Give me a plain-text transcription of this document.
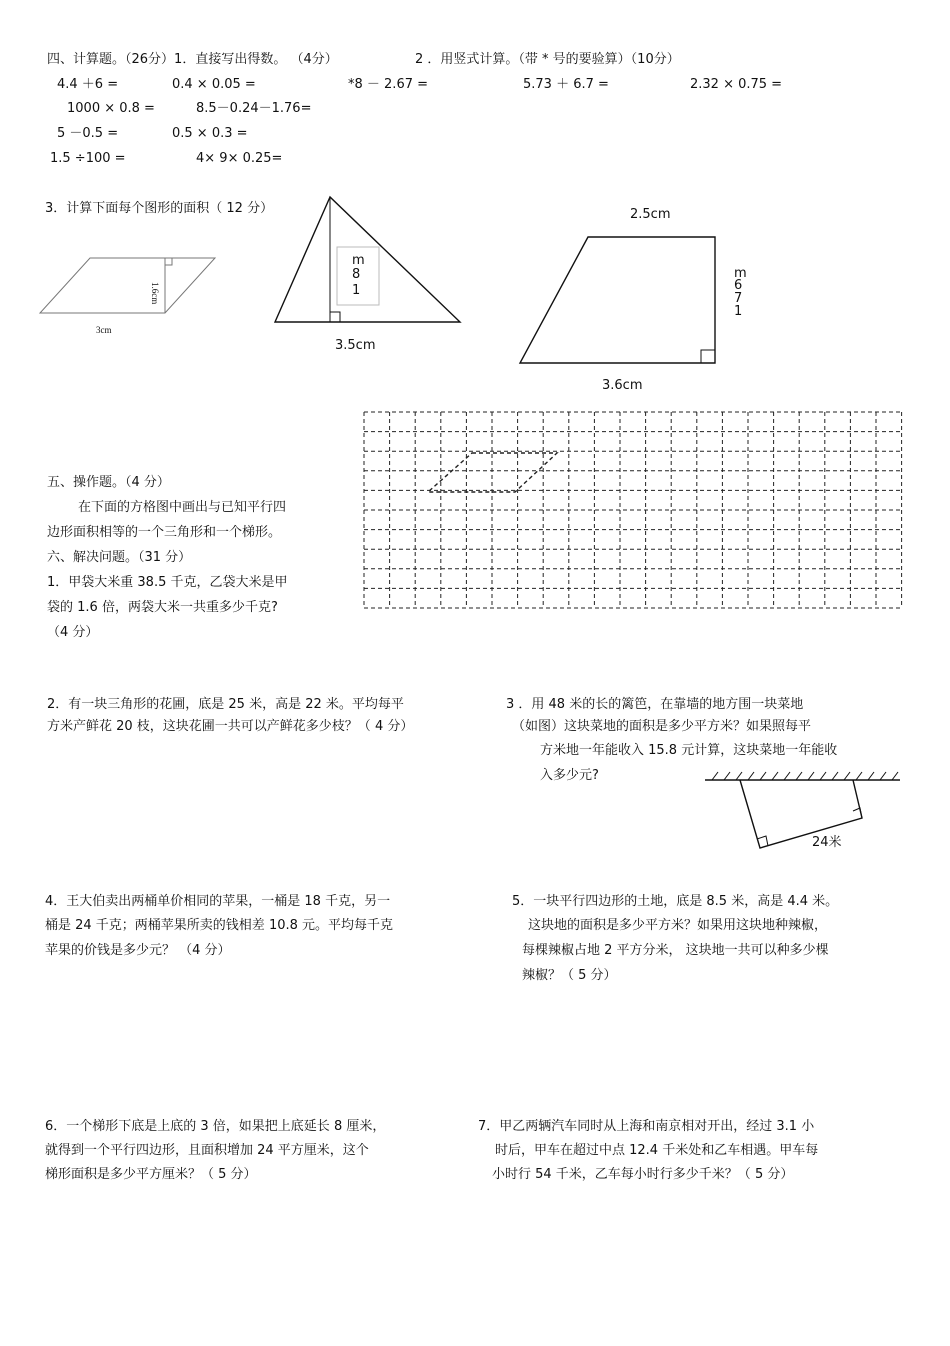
四、计算题。（26分）1．直接写出得数。 （4分）	2 ．用竖式计算。（带 * 号的要验算）（10分）
4.4 ＋6 =	0.4 × 0.05 =	*8 － 2.67 =	5.73 ＋ 6.7 =	2.32 × 0.75 =
1000 × 0.8 =	8.5－0.24－1.76=
5 －0.5 =	0.5 × 0.3 =
1.5 ÷100 =	4× 9× 0.25=
3．计算下面每个图形的面积（ 12 分）
3cm
1.6cm
m
8
1
3.5cm
2.5cm
3.6cm
m
6
7
1
五、操作题。（4 分）
在下面的方格图中画出与已知平行四
边形面积相等的一个三角形和一个梯形。
六、解决问题。（31 分）
1．甲袋大米重 38.5 千克，乙袋大米是甲
袋的 1.6 倍，两袋大米一共重多少千克?
（4 分）
2．有一块三角形的花圃，底是 25 米，高是 22 米。平均每平
方米产鲜花 20 枝，这块花圃一共可以产鲜花多少枝？（ 4 分）
3 ．用 48 米的长的篱笆，在靠墙的地方围一块菜地
（如图）这块菜地的面积是多少平方米？如果照每平
方米地一年能收入 15.8 元计算，这块菜地一年能收
入多少元?
24米
4．王大伯卖出两桶单价相同的苹果，一桶是 18 千克，另一
桶是 24 千克；两桶苹果所卖的钱相差 10.8 元。平均每千克
苹果的价钱是多少元？ （4 分）
5．一块平行四边形的土地，底是 8.5 米，高是 4.4 米。
这块地的面积是多少平方米？如果用这块地种辣椒，
每棵辣椒占地 2 平方分米， 这块地一共可以种多少棵
辣椒？（ 5 分）
6．一个梯形下底是上底的 3 倍，如果把上底延长 8 厘米，
就得到一个平行四边形，且面积增加 24 平方厘米，这个
梯形面积是多少平方厘米？（ 5 分）
7．甲乙两辆汽车同时从上海和南京相对开出，经过 3.1 小
时后，甲车在超过中点 12.4 千米处和乙车相遇。甲车每
小时行 54 千米，乙车每小时行多少千米？（ 5 分）
